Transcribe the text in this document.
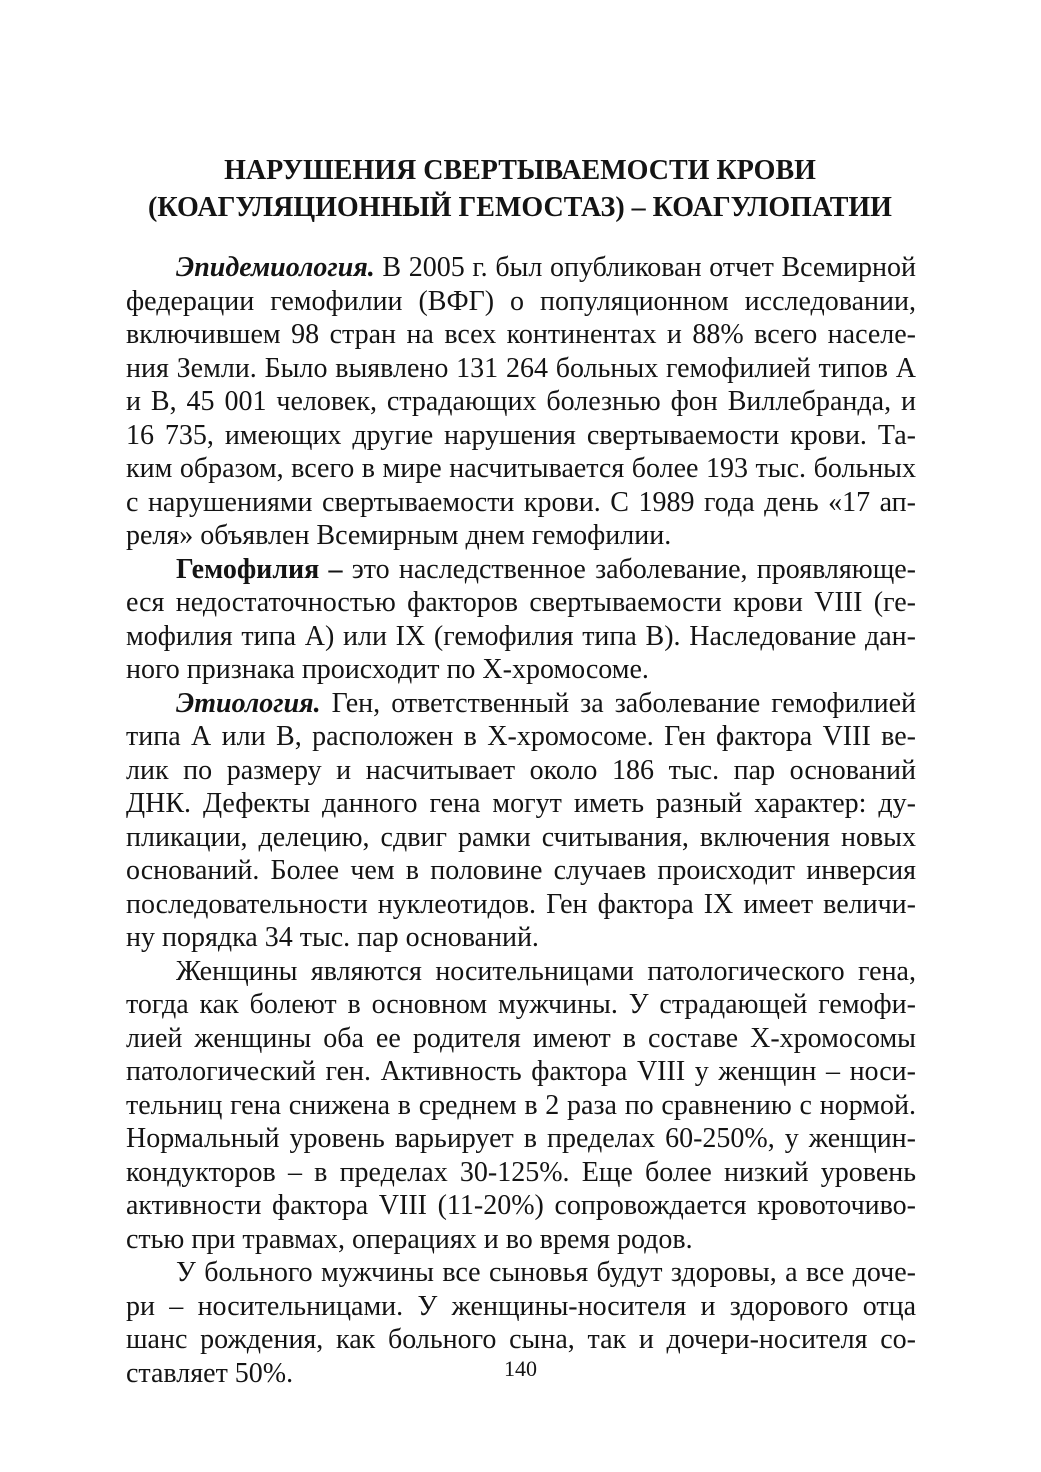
НАРУШЕНИЯ СВЕРТЫВАЕМОСТИ КРОВИ
(КОАГУЛЯЦИОННЫЙ ГЕМОСТАЗ) – КОАГУЛОПАТИИ
Эпидемиология. В 2005 г. был опубликован отчет Всемирной
федерации гемофилии (ВФГ) о популяционном исследовании,
включившем 98 стран на всех континентах и 88% всего населе-
ния Земли. Было выявлено 131 264 больных гемофилией типов А
и В, 45 001 человек, страдающих болезнью фон Виллебранда, и
16 735, имеющих другие нарушения свертываемости крови. Та-
ким образом, всего в мире насчитывается более 193 тыс. больных
с нарушениями свертываемости крови. С 1989 года день «17 ап-
реля» объявлен Всемирным днем гемофилии.
Гемофилия – это наследственное заболевание, проявляюще-
еся недостаточностью факторов свертываемости крови VIII (ге-
мофилия типа А) или IX (гемофилия типа В). Наследование дан-
ного признака происходит по Х-хромосоме.
Этиология. Ген, ответственный за заболевание гемофилией
типа А или В, расположен в Х-хромосоме. Ген фактора VIII ве-
лик по размеру и насчитывает около 186 тыс. пар оснований
ДНК. Дефекты данного гена могут иметь разный характер: ду-
пликации, делецию, сдвиг рамки считывания, включения новых
оснований. Более чем в половине случаев происходит инверсия
последовательности нуклеотидов. Ген фактора IX имеет величи-
ну порядка 34 тыс. пар оснований.
Женщины являются носительницами патологического гена,
тогда как болеют в основном мужчины. У страдающей гемофи-
лией женщины оба ее родителя имеют в составе Х-хромосомы
патологический ген. Активность фактора VIII у женщин – носи-
тельниц гена снижена в среднем в 2 раза по сравнению с нормой.
Нормальный уровень варьирует в пределах 60-250%, у женщин-
кондукторов – в пределах 30-125%. Еще более низкий уровень
активности фактора VIII (11-20%) сопровождается кровоточиво-
стью при травмах, операциях и во время родов.
У больного мужчины все сыновья будут здоровы, а все доче-
ри – носительницами. У женщины-носителя и здорового отца
шанс рождения, как больного сына, так и дочери-носителя со-
ставляет 50%.	140
